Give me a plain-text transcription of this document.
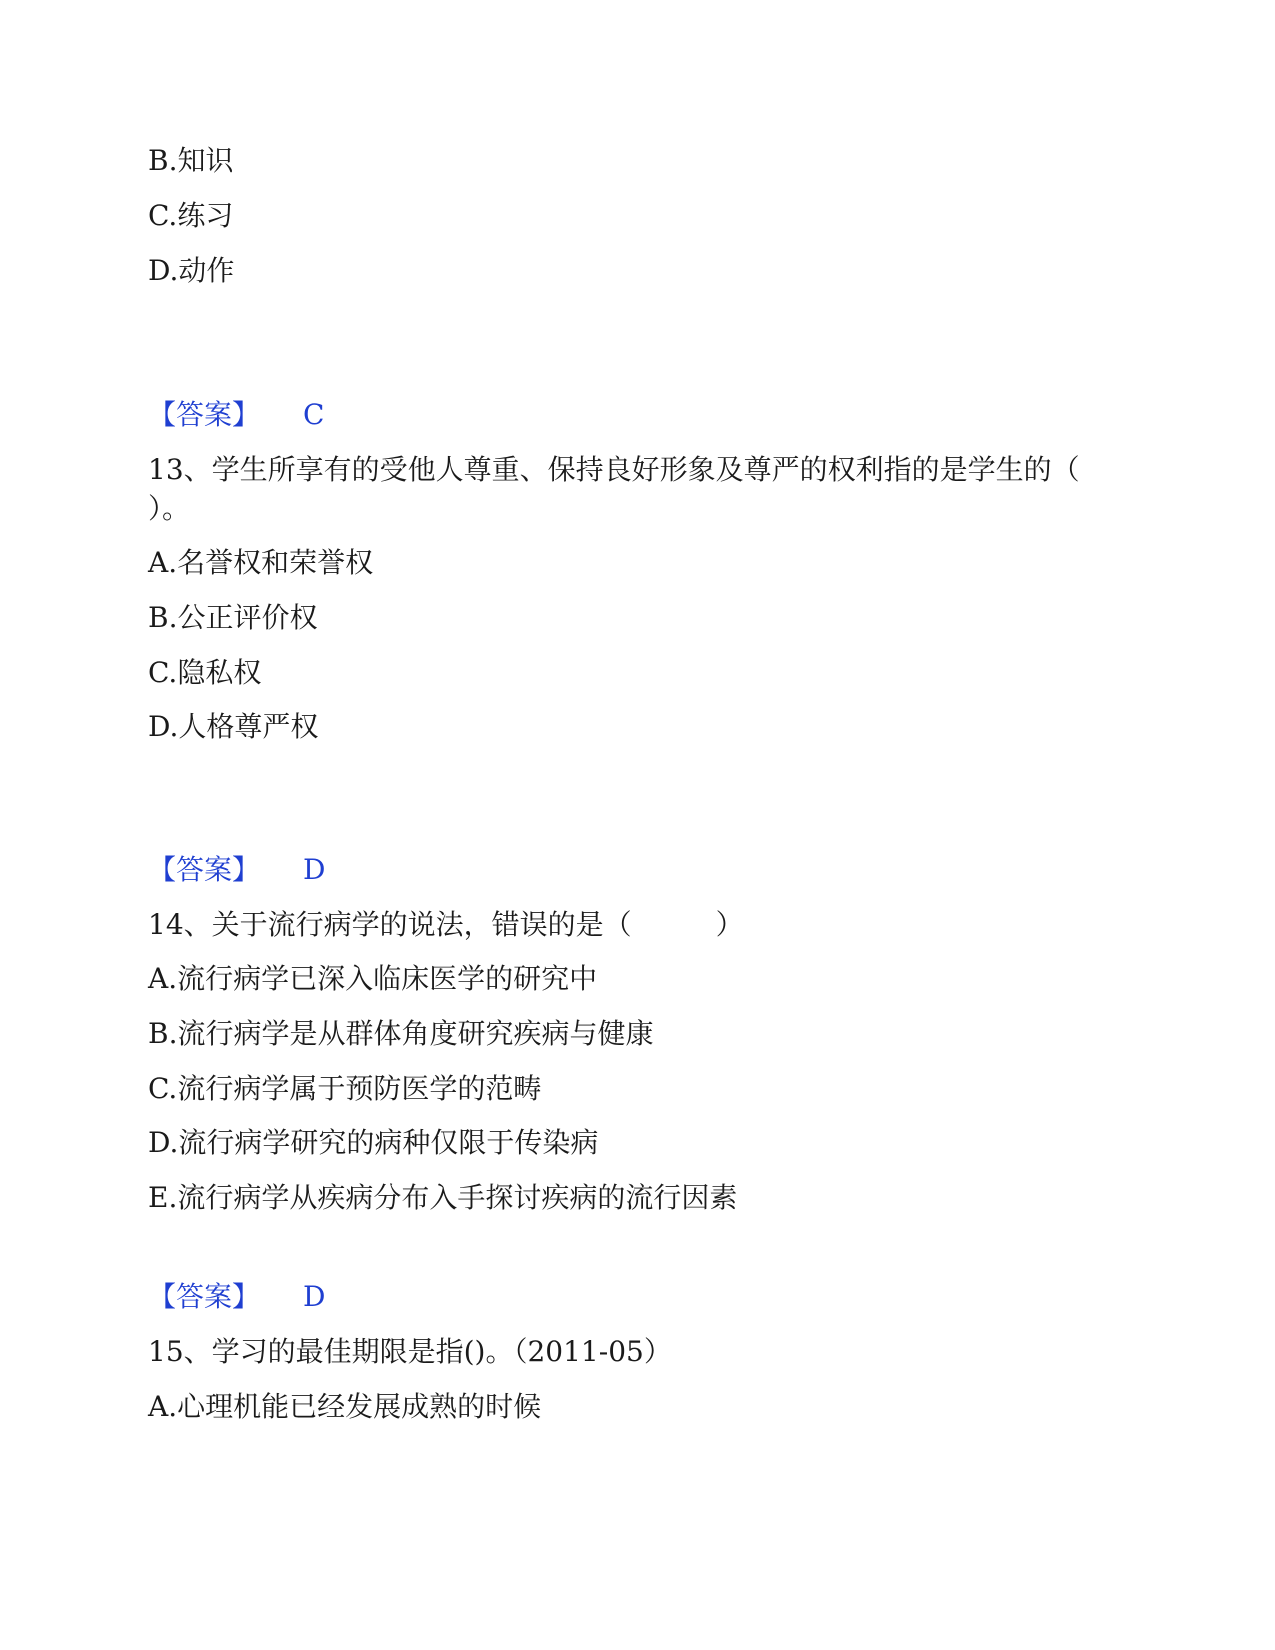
B.知识
C.练习
D.动作
【答案】 C
13、学生所享有的受他人尊重、保持良好形象及尊严的权利指的是学生的（
）。
A.名誉权和荣誉权
B.公正评价权
C.隐私权
D.人格尊严权
【答案】 D
14、关于流行病学的说法，错误的是（　　　）
A.流行病学已深入临床医学的研究中
B.流行病学是从群体角度研究疾病与健康
C.流行病学属于预防医学的范畴
D.流行病学研究的病种仅限于传染病
E.流行病学从疾病分布入手探讨疾病的流行因素
【答案】 D
15、学习的最佳期限是指()。（2011-05）
A.心理机能已经发展成熟的时候
